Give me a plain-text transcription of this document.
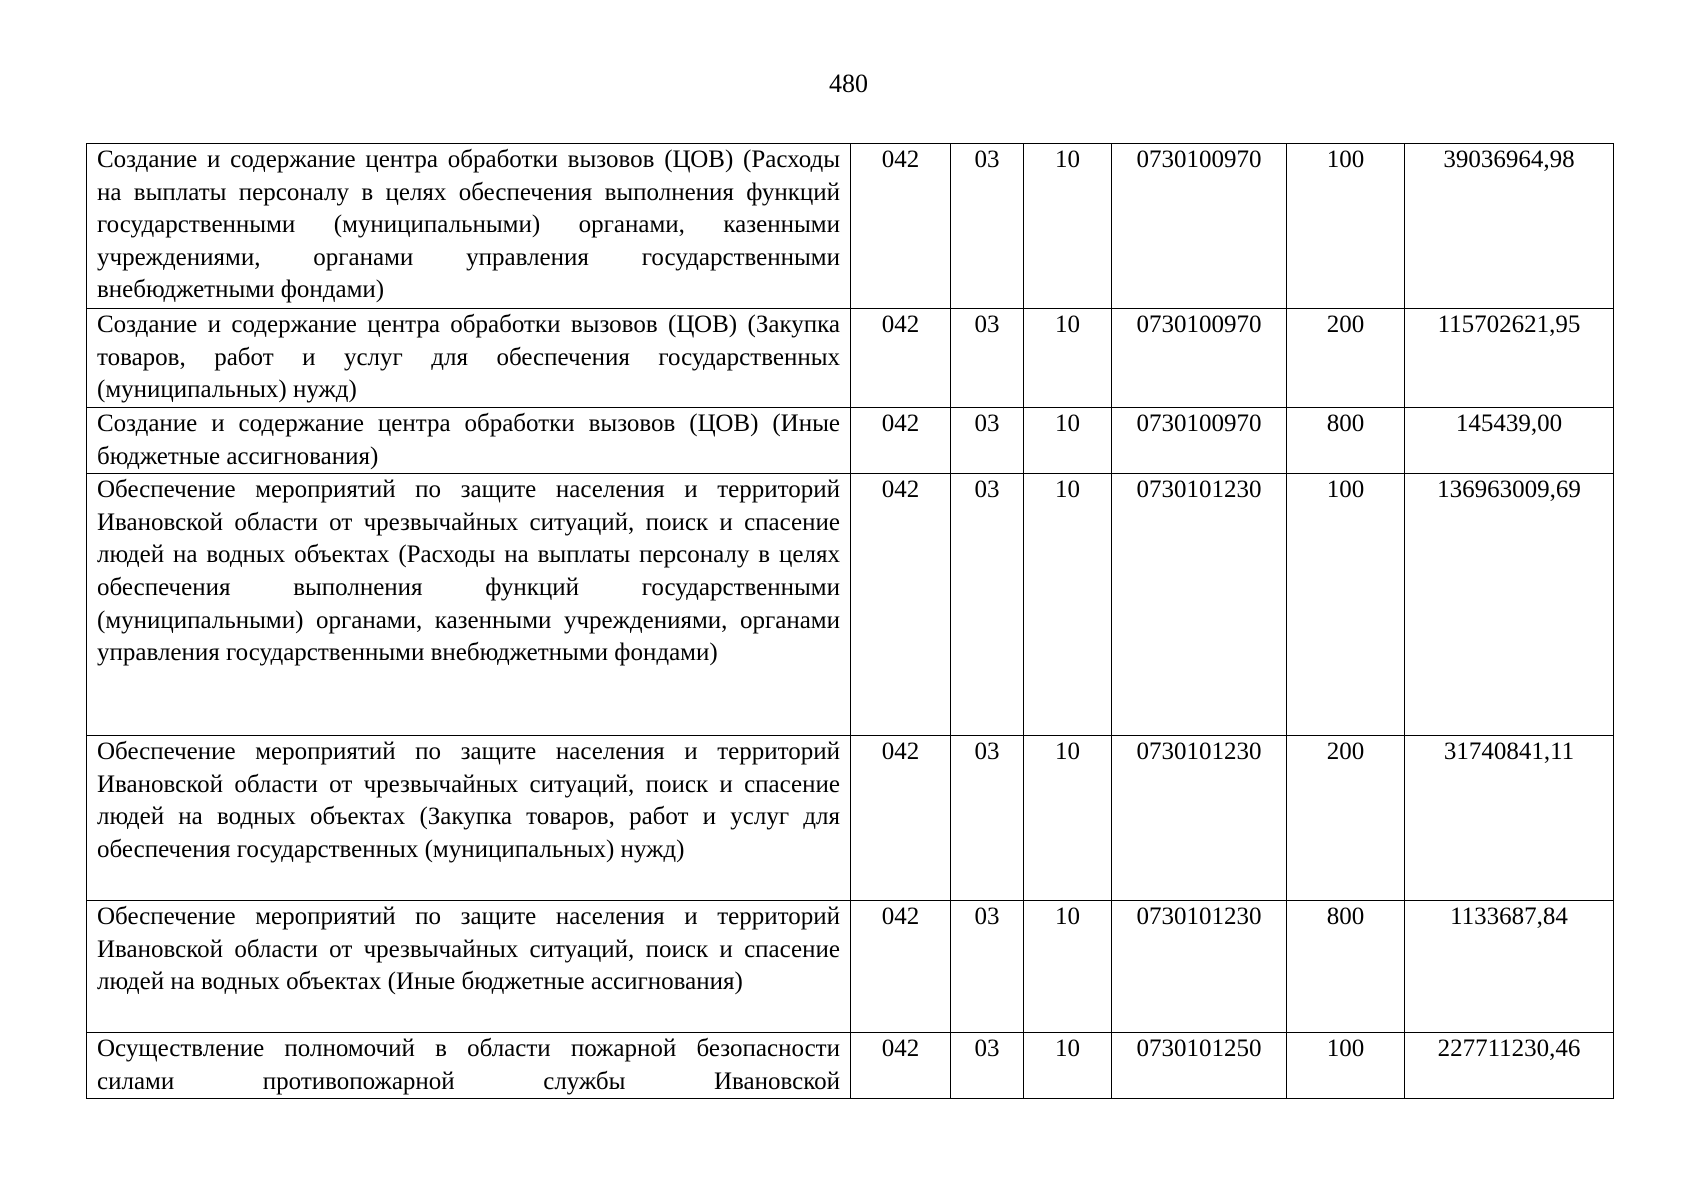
480
Создание и содержание центра обработки вызовов (ЦОВ) (Расходы на выплаты персоналу в целях обеспечения выполнения функций государственными (муниципальными) органами, казенными учреждениями, органами управления государственными внебюджетными фондами)	042	03	10	0730100970	100	39036964,98
Создание и содержание центра обработки вызовов (ЦОВ) (Закупка товаров, работ и услуг для обеспечения государственных (муниципальных) нужд)	042	03	10	0730100970	200	115702621,95
Создание и содержание центра обработки вызовов (ЦОВ) (Иные бюджетные ассигнования)	042	03	10	0730100970	800	145439,00
Обеспечение мероприятий по защите населения и территорий Ивановской области от чрезвычайных ситуаций, поиск и спасение людей на водных объектах (Расходы на выплаты персоналу в целях обеспечения выполнения функций государственными (муниципальными) органами, казенными учреждениями, органами управления государственными внебюджетными фондами)	042	03	10	0730101230	100	136963009,69
Обеспечение мероприятий по защите населения и территорий Ивановской области от чрезвычайных ситуаций, поиск и спасение людей на водных объектах (Закупка товаров, работ и услуг для обеспечения государственных (муниципальных) нужд)	042	03	10	0730101230	200	31740841,11
Обеспечение мероприятий по защите населения и территорий Ивановской области от чрезвычайных ситуаций, поиск и спасение людей на водных объектах (Иные бюджетные ассигнования)	042	03	10	0730101230	800	1133687,84
Осуществление полномочий в области пожарной безопасности силами противопожарной службы Ивановской	042	03	10	0730101250	100	227711230,46
